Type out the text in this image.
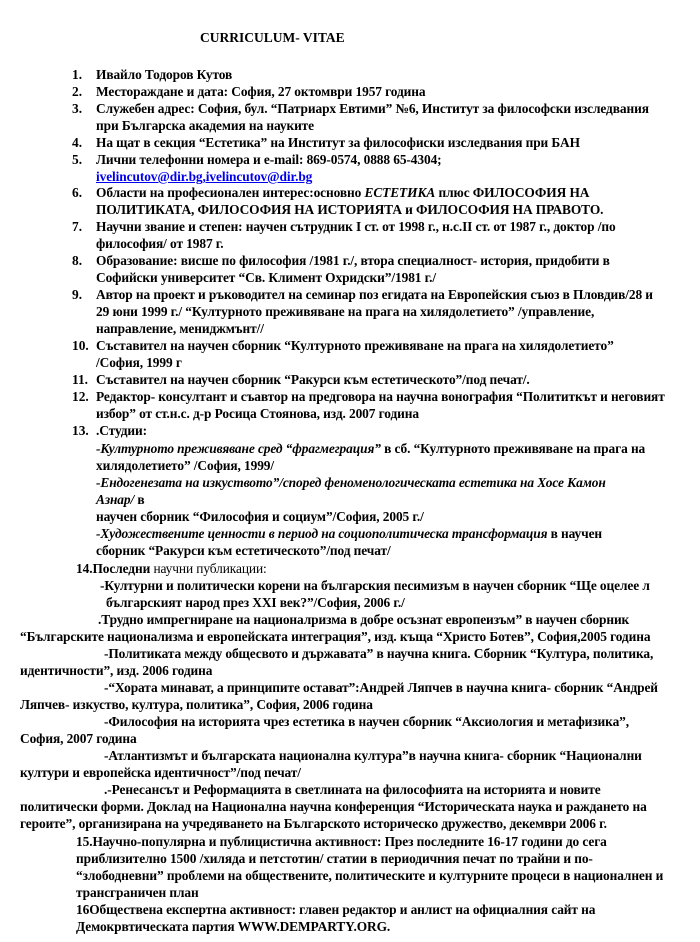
CURRICULUM- VITAE
1. Ивайло Тодоров Кутов
2. Месторaждане и дата: София, 27 октомври 1957 година
3. Служебен адрес: София, бул. “Патриарх Евтими” №6, Институт за философски изследвания
при Българска академия на науките
4. На щат в секция “Естетика” на Институт за философиски изследвания при БАН
5. Лични телефонни номера и e-mail: 869-0574, 0888 65-4304;
ivelincutov@dir.bg,ivelincutov@dir.bg
6. Области на професионален интерес:основно ЕСТЕТИКА плюс ФИЛОСОФИЯ НА
ПОЛИТИКАТА, ФИЛОСОФИЯ НА ИСТОРИЯТА и ФИЛОСОФИЯ НА ПРАВОТО.
7. Научни звание и степен: научен сътрудник I ст. от 1998 г., н.с.II ст. от 1987 г., доктор /по
философия/ от 1987 г.
8. Образование: висше по философия /1981 г./, втора специалност- история, придобити в
Софийски университет “Св. Климент Охридски”/1981 г./
9. Автор на проект и ръководител на семинар поз егидата на Европейския съюз в Пловдив/28 и
29 юни 1999 г./ “Културното преживяване на прага на хилядолетието” /управление,
направление, мениджмънт//
10. Съставител на научен сборник “Културното преживяване на прага на хилядолетието”
/София, 1999 г
11. Съставител на научен сборник “Ракурси към естетическото”/под печат/.
12. Редактор- консултант и съавтор на предговора на научна вонография “Полититкът и неговият
избор” от ст.н.с. д-р Росица Стоянова, изд. 2007 година
13. .Студии:
-Културното преживяване сред “фрагмеграция” в сб. “Културното преживяване на прага на
хилядолетието” /София, 1999/
-Ендогенезата на изкуството”/според феноменологическата естетика на Хосе Камон
Азнар/ в
научен сборник “Философия и социум”/София, 2005 г./
-Художествените ценности в период на социополитическа трансформация в научен
сборник “Ракурси към естетическото”/под печат/
14.Последни научни публикации:
-Културни и политически корени на българския песимизъм в научен сборник “Ще оцелее л
българският народ през XXI век?”/София, 2006 г./
.Трудно импрегниране на националризма в добре осъзнат европеизъм” в научен сборник
“Българските национализма и европейската интеграция”, изд. къща “Христо Ботев”, София,2005 година
-Политиката между общесвото и държавата” в научна книга. Сборник “Култура, политика,
идентичности”, изд. 2006 година
-“Хората минават, а принципите остават”:Андрей Ляпчев в научна книга- сборник “Андрей
Ляпчев- изкуство, култура, политика”, София, 2006 година
-Философия на историята чрез естетика в научен сборник “Аксиология и метафизика”,
София, 2007 година
-Атлантизмът и българската национална култура”в научна книга- сборник “Национални
култури и европейска идентичност”/под печат/
.-Ренесансът и Реформацията в светлината на философията на историята и новите
политически форми. Доклад на Национална научна конференция “Историческата наука и раждането на
героите”, организирана на учредяването на Българското историческо дружество, декември 2006 г.
15.Научно-популярна и публицистична активност: През последните 16-17 години до сега
приблизително 1500 /хиляда и петстотин/ статии в периодичния печат по трайни и по-
“злободневни” проблеми на обществените, политическите и културните процеси в националнен и
трансграничен план
16Обществена експертна активност: главен редактор и анлист на официалния сайт на
Демокрвтическата партия WWW.DEMPARTY.ORG.
